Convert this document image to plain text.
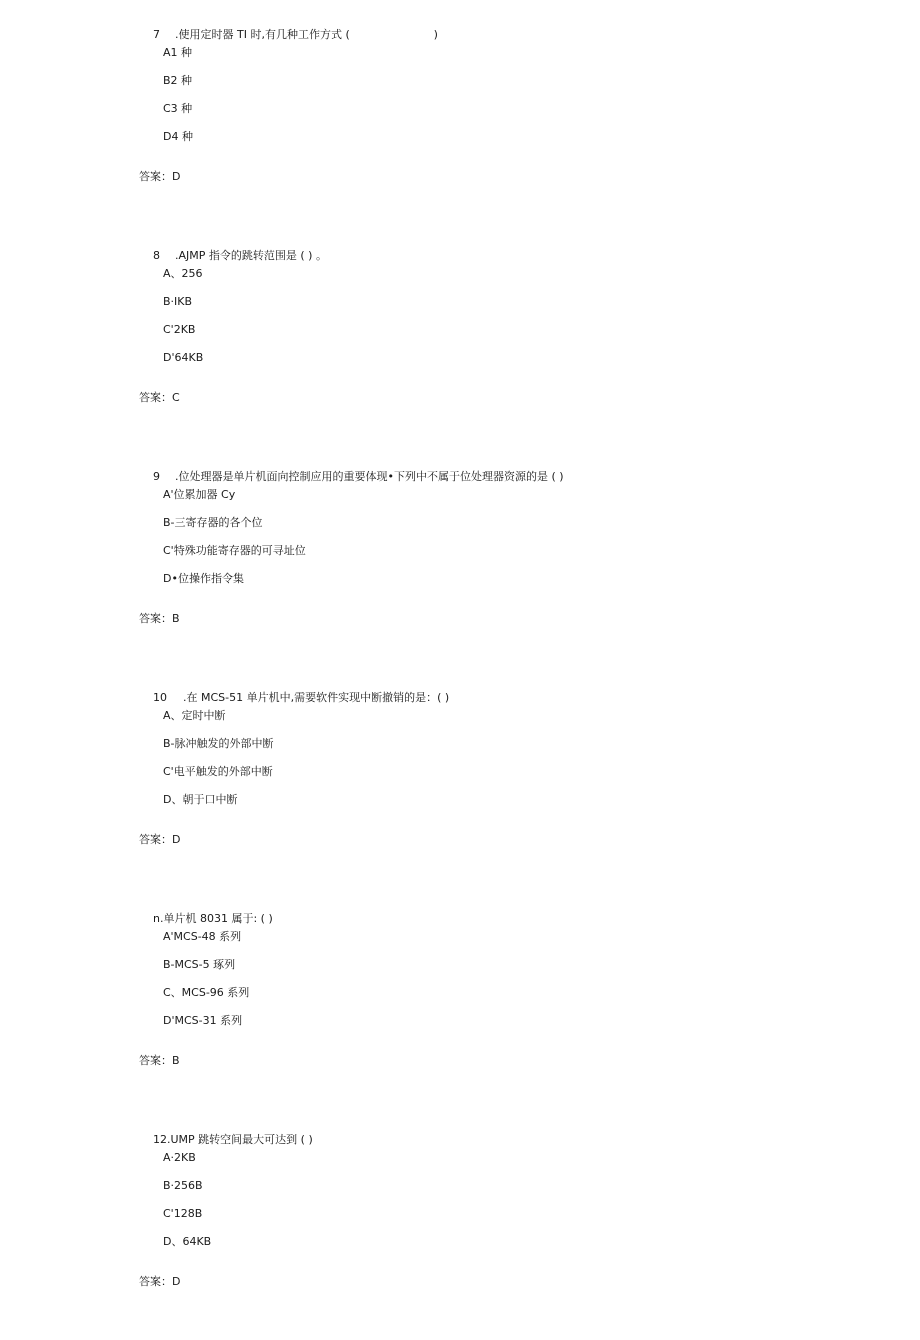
7 .使用定时器 TI 时,有几种工作方式 (                        )

A1 种
B2 种
C3 种
D4 种
答案：D

8 .AJMP 指令的跳转范围是 ( ) 。

A、256
B·IKB
C'2KB
D'64KB
答案：C

9 .位处理器是单片机面向控制应用的重要体现•下列中不属于位处理器资源的是 ( )

A'位累加器 Cy
B-三寄存器的各个位
C'特殊功能寄存器的可寻址位
D•位操作指令集
答案：B

10 .在 MCS-51 单片机中,需要软件实现中断撤销的是：( )

A、定时中断
B-脉冲触发的外部中断
C'电平触发的外部中断
D、朝于口中断
答案：D

n.单片机 8031 属于: ( )

A'MCS-48 系列
B-MCS-5 琢列
C、MCS-96 系列
D'MCS-31 系列
答案：B

12.UMP 跳转空间最大可达到 ( )

A·2KB
B·256B
C'128B
D、64KB
答案：D
